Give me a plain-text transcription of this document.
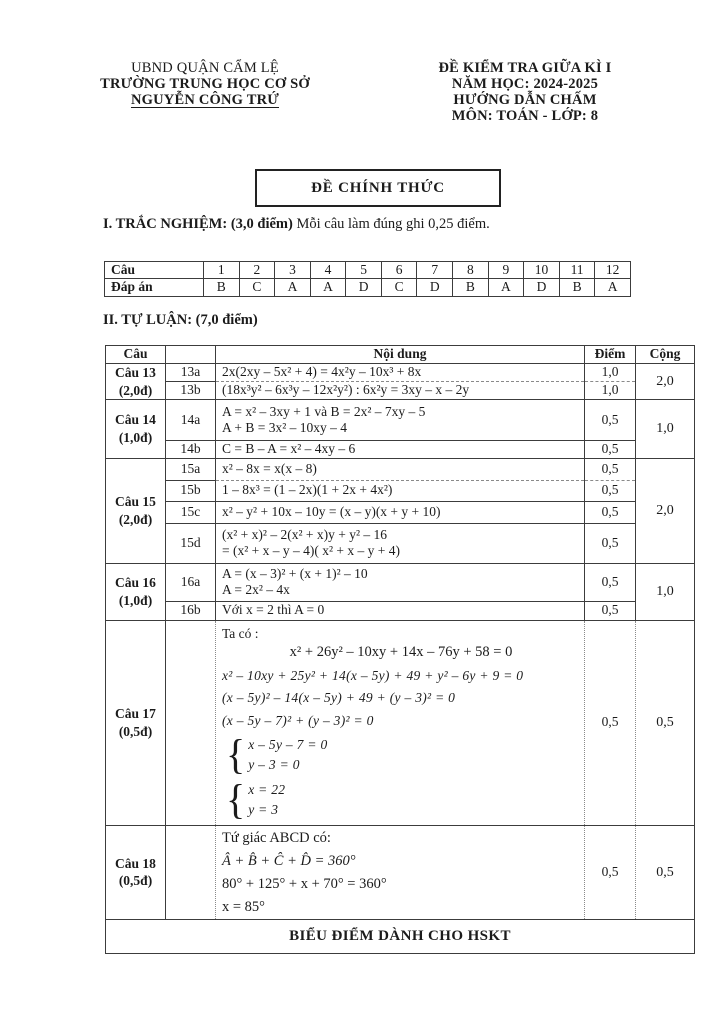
UBND QUẬN CẨM LỆ
TRƯỜNG TRUNG HỌC CƠ SỞ
NGUYỄN CÔNG TRỨ
ĐỀ KIỂM TRA GIỮA KÌ I
NĂM HỌC: 2024-2025
HƯỚNG DẪN CHẤM
MÔN: TOÁN - LỚP: 8
ĐỀ CHÍNH THỨC
I. TRẮC NGHIỆM: (3,0 điểm) Mỗi câu làm đúng ghi 0,25 điểm.
Câu	1	2	3	4	5	6	7	8	9	10	11	12
Đáp án	B	C	A	A	D	C	D	B	A	D	B	A
II. TỰ LUẬN: (7,0 điểm)
Câu		Nội dung	Điểm	Cộng

Câu 13
(2,0đ)	13a	2x(2xy – 5x² + 4) = 4x²y – 10x³ + 8x	1,0	2,0
	13b	(18x³y² – 6x³y – 12x²y²) : 6x²y = 3xy – x – 2y	1,0	

Câu 14
(1,0đ)
	14a	
A = x² – 3xy + 1 và B = 2x² – 7xy – 5
A + B = 3x² – 10xy – 4
	0,5	1,0
	14b	C = B – A = x² – 4xy – 6	0,5	

Câu 15
(2,0đ)	15a	x² – 8x = x(x – 8)	0,5	2,0
	15b	1 – 8x³ = (1 – 2x)(1 + 2x + 4x²)	0,5	
	15c	x² – y² + 10x – 10y = (x – y)(x + y + 10)	0,5	
	15d	(x² + x)² – 2(x² + x)y + y² – 16
= (x² + x – y – 4)( x² + x – y + 4)	0,5	

Câu 16
(1,0đ)
	16a	
A = (x – 3)² + (x + 1)² – 10
A = 2x² – 4x
	0,5	1,0
	16b	Với x = 2 thì A = 0	0,5	

Câu 17
(0,5đ)

Ta có :
x² + 26y² – 10xy + 14x – 76y + 58 = 0
x² – 10xy + 25y² + 14(x – 5y) + 49 + y² – 6y + 9 = 0
(x – 5y)² – 14(x – 5y) + 49 + (y – 3)² = 0
(x – 5y – 7)² + (y – 3)² = 0
{ x – 5y – 7 = 0
y – 3 = 0
{ x = 22
y = 3
	0,5	0,5

Câu 18
(0,5đ)

Tứ giác ABCD có:
Â + B̂ + Ĉ + D̂ = 360°
80° + 125° + x + 70° = 360°
x = 85°
	0,5	0,5
BIỂU ĐIỂM DÀNH CHO HSKT				
